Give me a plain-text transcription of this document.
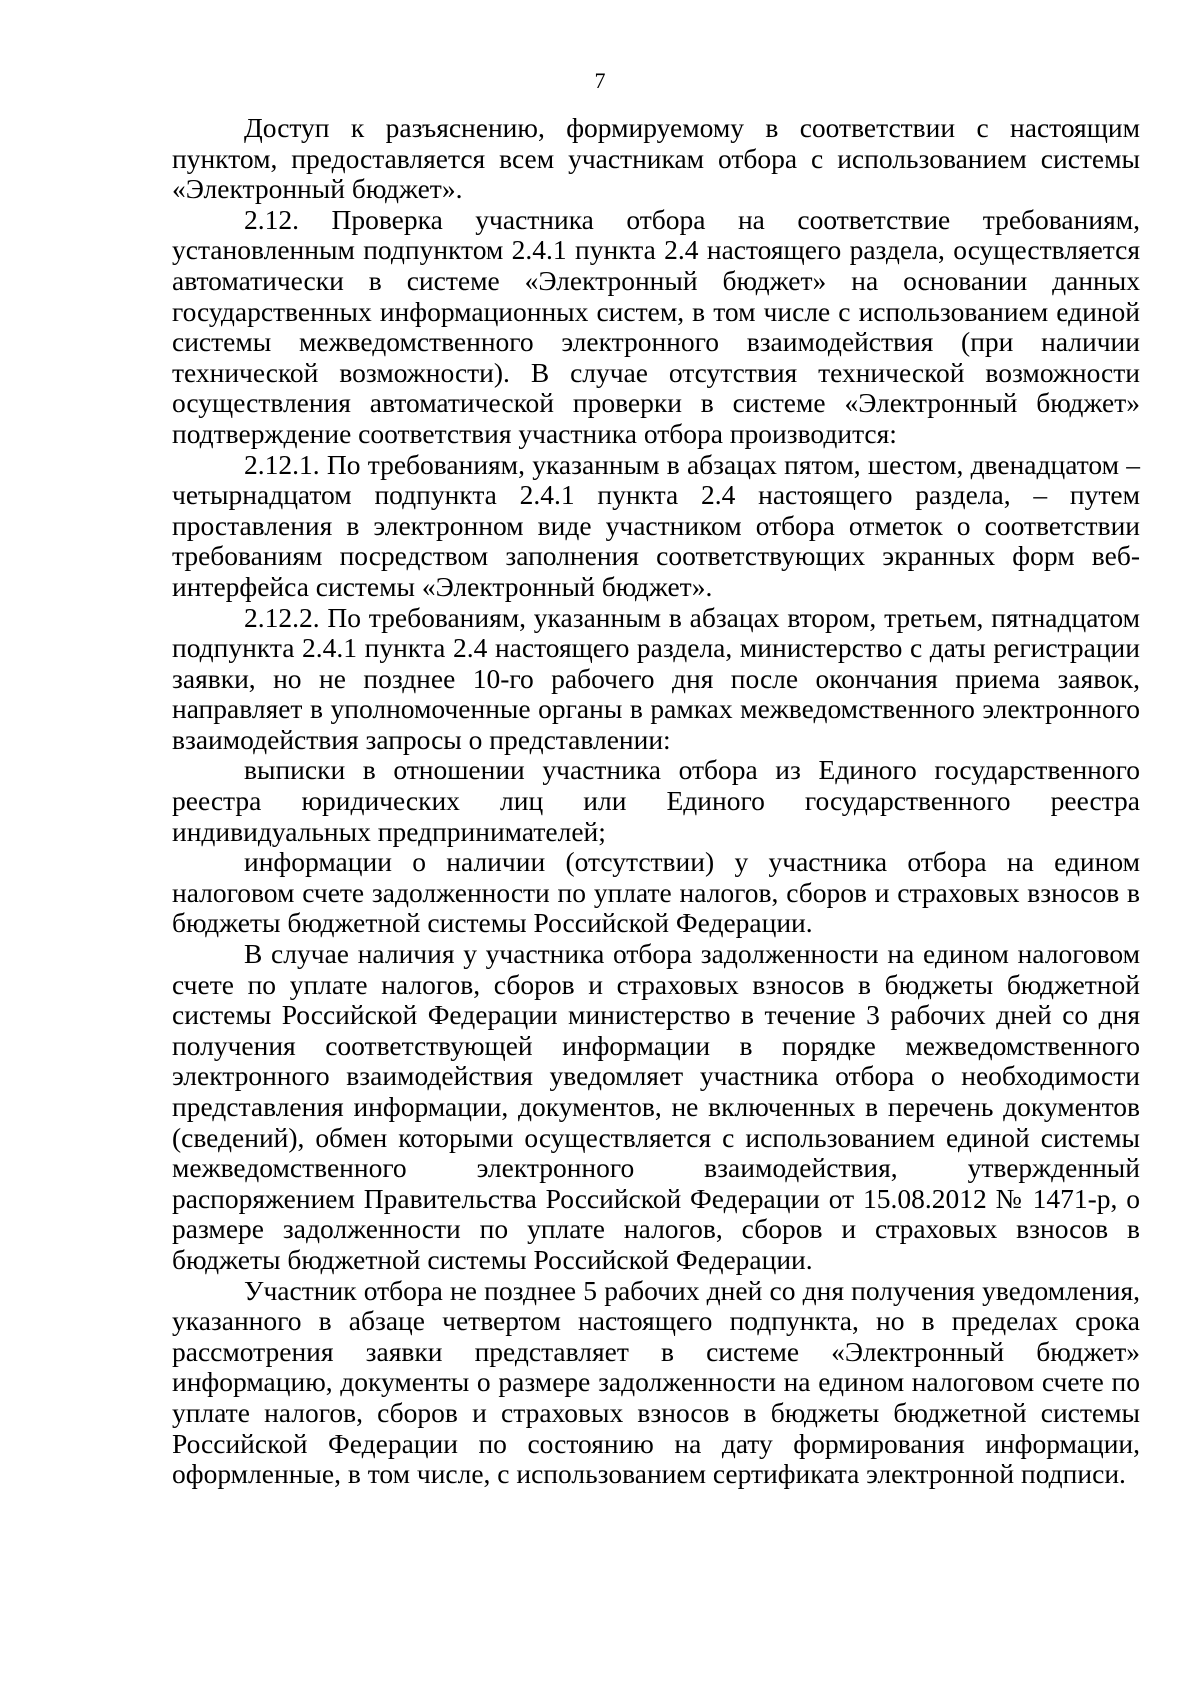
7

Доступ к разъяснению, формируемому в соответствии с настоящим пунктом, предоставляется всем участникам отбора с использованием системы «Электронный бюджет».

2.12. Проверка участника отбора на соответствие требованиям, установленным подпунктом 2.4.1 пункта 2.4 настоящего раздела, осуществляется автоматически в системе «Электронный бюджет» на основании данных государственных информационных систем, в том числе с использованием единой системы межведомственного электронного взаимодействия (при наличии технической возможности). В случае отсутствия технической возможности осуществления автоматической проверки в системе «Электронный бюджет» подтверждение соответствия участника отбора производится:

2.12.1. По требованиям, указанным в абзацах пятом, шестом, двенадцатом – четырнадцатом подпункта 2.4.1 пункта 2.4 настоящего раздела, – путем проставления в электронном виде участником отбора отметок о соответствии требованиям посредством заполнения соответствующих экранных форм веб-интерфейса системы «Электронный бюджет».

2.12.2. По требованиям, указанным в абзацах втором, третьем, пятнадцатом подпункта 2.4.1 пункта 2.4 настоящего раздела, министерство с даты регистрации заявки, но не позднее 10-го рабочего дня после окончания приема заявок, направляет в уполномоченные органы в рамках межведомственного электронного взаимодействия запросы о представлении:

выписки в отношении участника отбора из Единого государственного реестра юридических лиц или Единого государственного реестра индивидуальных предпринимателей;

информации о наличии (отсутствии) у участника отбора на едином налоговом счете задолженности по уплате налогов, сборов и страховых взносов в бюджеты бюджетной системы Российской Федерации.

В случае наличия у участника отбора задолженности на едином налоговом счете по уплате налогов, сборов и страховых взносов в бюджеты бюджетной системы Российской Федерации министерство в течение 3 рабочих дней со дня получения соответствующей информации в порядке межведомственного электронного взаимодействия уведомляет участника отбора о необходимости представления информации, документов, не включенных в перечень документов (сведений), обмен которыми осуществляется с использованием единой системы межведомственного электронного взаимодействия, утвержденный распоряжением Правительства Российской Федерации от 15.08.2012 № 1471-р, о размере задолженности по уплате налогов, сборов и страховых взносов в бюджеты бюджетной системы Российской Федерации.

Участник отбора не позднее 5 рабочих дней со дня получения уведомления, указанного в абзаце четвертом настоящего подпункта, но в пределах срока рассмотрения заявки представляет в системе «Электронный бюджет» информацию, документы о размере задолженности на едином налоговом счете по уплате налогов, сборов и страховых взносов в бюджеты бюджетной системы Российской Федерации по состоянию на дату формирования информации, оформленные, в том числе, с использованием сертификата электронной подписи.
